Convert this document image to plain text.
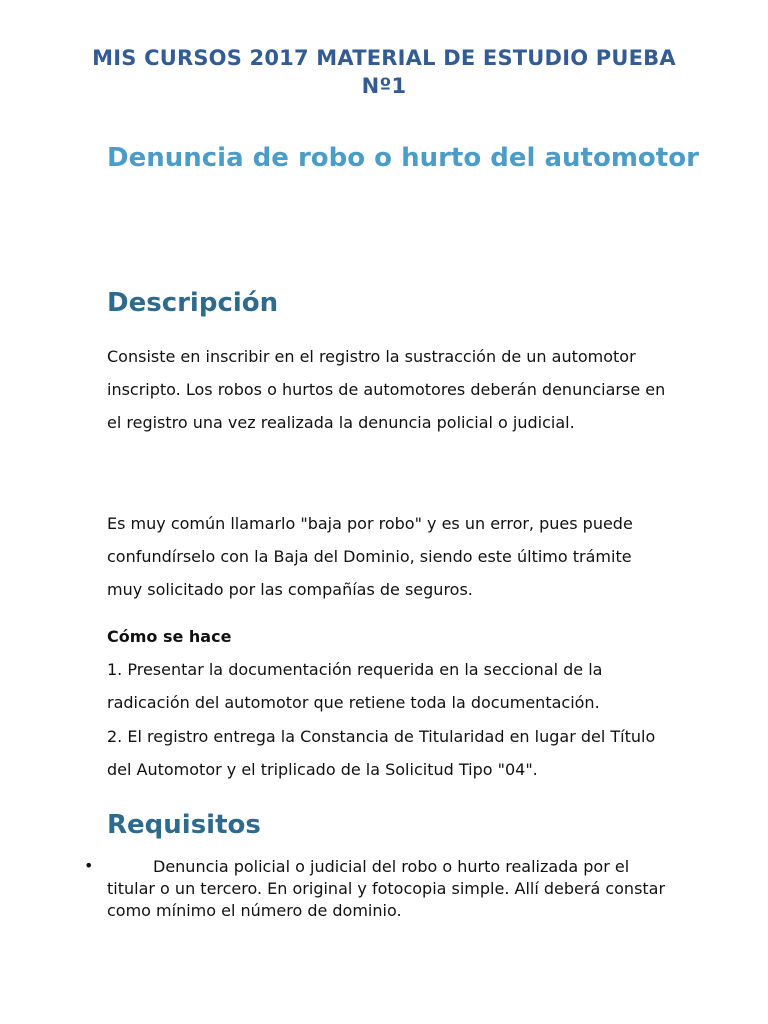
MIS CURSOS 2017 MATERIAL DE ESTUDIO PUEBA Nº1
Denuncia de robo o hurto del automotor
Descripción
Consiste en inscribir en el registro la sustracción de un automotor inscripto. Los robos o hurtos de automotores deberán denunciarse en el registro una vez realizada la denuncia policial o judicial.
Es muy común llamarlo "baja por robo" y es un error, pues puede confundírselo con la Baja del Dominio, siendo este último trámite muy solicitado por las compañías de seguros.
Cómo se hace
1. Presentar la documentación requerida en la seccional de la radicación del automotor que retiene toda la documentación.
2. El registro entrega la Constancia de Titularidad en lugar del Título del Automotor y el triplicado de la Solicitud Tipo "04".
Requisitos
•	Denuncia policial o judicial del robo o hurto realizada por el titular o un tercero. En original y fotocopia simple. Allí deberá constar como mínimo el número de dominio.
